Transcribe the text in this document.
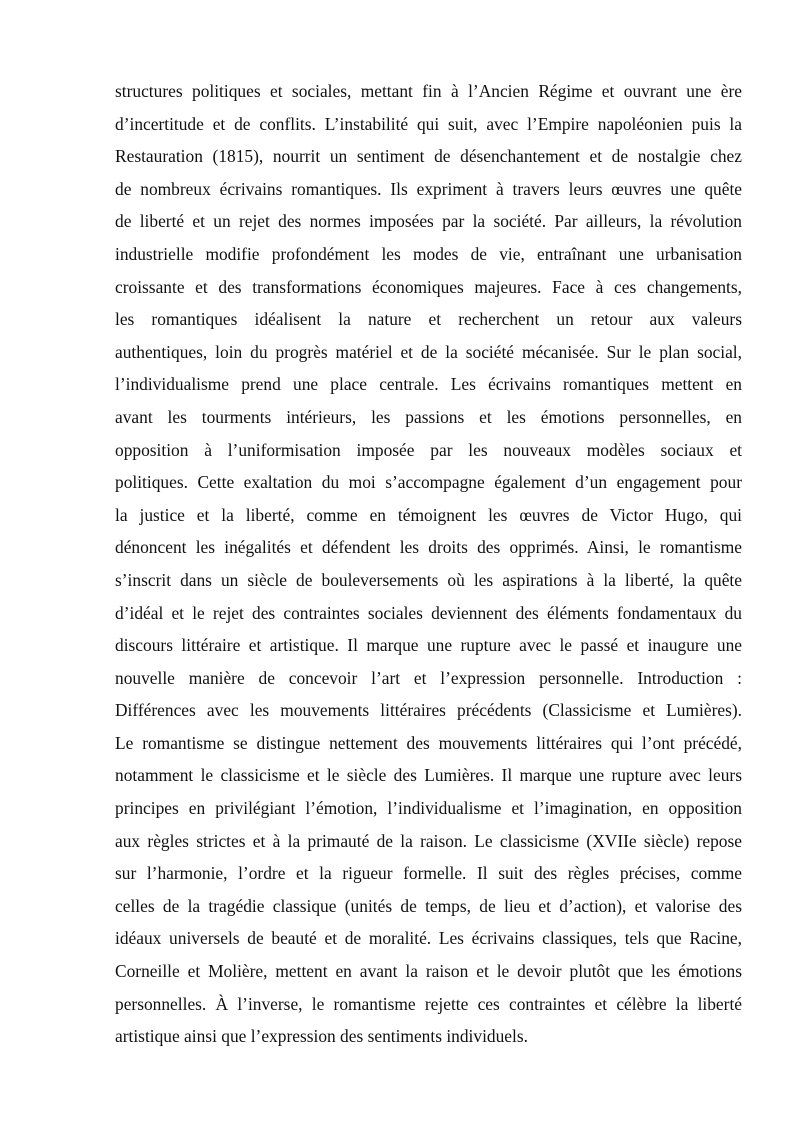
structures politiques et sociales, mettant fin à l’Ancien Régime et ouvrant une ère
d’incertitude et de conflits. L’instabilité qui suit, avec l’Empire napoléonien puis la
Restauration (1815), nourrit un sentiment de désenchantement et de nostalgie chez
de nombreux écrivains romantiques. Ils expriment à travers leurs œuvres une quête
de liberté et un rejet des normes imposées par la société. Par ailleurs, la révolution
industrielle modifie profondément les modes de vie, entraînant une urbanisation
croissante et des transformations économiques majeures. Face à ces changements,
les romantiques idéalisent la nature et recherchent un retour aux valeurs
authentiques, loin du progrès matériel et de la société mécanisée. Sur le plan social,
l’individualisme prend une place centrale. Les écrivains romantiques mettent en
avant les tourments intérieurs, les passions et les émotions personnelles, en
opposition à l’uniformisation imposée par les nouveaux modèles sociaux et
politiques. Cette exaltation du moi s’accompagne également d’un engagement pour
la justice et la liberté, comme en témoignent les œuvres de Victor Hugo, qui
dénoncent les inégalités et défendent les droits des opprimés. Ainsi, le romantisme
s’inscrit dans un siècle de bouleversements où les aspirations à la liberté, la quête
d’idéal et le rejet des contraintes sociales deviennent des éléments fondamentaux du
discours littéraire et artistique. Il marque une rupture avec le passé et inaugure une
nouvelle manière de concevoir l’art et l’expression personnelle. Introduction :
Différences avec les mouvements littéraires précédents (Classicisme et Lumières).
Le romantisme se distingue nettement des mouvements littéraires qui l’ont précédé,
notamment le classicisme et le siècle des Lumières. Il marque une rupture avec leurs
principes en privilégiant l’émotion, l’individualisme et l’imagination, en opposition
aux règles strictes et à la primauté de la raison. Le classicisme (XVIIe siècle) repose
sur l’harmonie, l’ordre et la rigueur formelle. Il suit des règles précises, comme
celles de la tragédie classique (unités de temps, de lieu et d’action), et valorise des
idéaux universels de beauté et de moralité. Les écrivains classiques, tels que Racine,
Corneille et Molière, mettent en avant la raison et le devoir plutôt que les émotions
personnelles. À l’inverse, le romantisme rejette ces contraintes et célèbre la liberté
artistique ainsi que l’expression des sentiments individuels.
